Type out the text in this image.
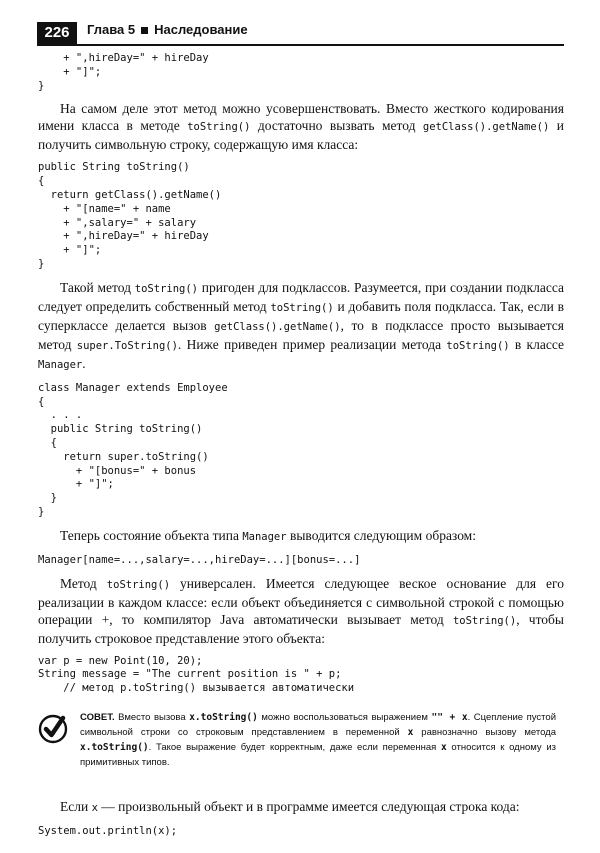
226	Глава 5 Наследование
+ ",hireDay=" + hireDay
+ "]";
}

На самом деле этот метод можно усовершенствовать. Вместо жесткого кодирования имени класса в методе toString() достаточно вызвать метод getClass().getName() и получить символьную строку, содержащую имя класса:

public String toString()
{
return getClass().getName()
+ "[name=" + name
+ ",salary=" + salary
+ ",hireDay=" + hireDay
+ "]";
}

Такой метод toString() пригоден для подклассов. Разумеется, при создании подкласса следует определить собственный метод toString() и добавить поля подкласса. Так, если в суперклассе делается вызов getClass().getName(), то в подклассе просто вызывается метод super.ToString(). Ниже приведен пример реализации метода toString() в классе Manager.

class Manager extends Employee
{
. . .
public String toString()
{
return super.toString()
+ "[bonus=" + bonus
+ "]";
}
}

Теперь состояние объекта типа Manager выводится следующим образом:

Manager[name=...,salary=...,hireDay=...][bonus=...]

Метод toString() универсален. Имеется следующее веское основание для его реализации в каждом классе: если объект объединяется с символьной строкой с помощью операции +, то компилятор Java автоматически вызывает метод toString(), чтобы получить строковое представление этого объекта:

var p = new Point(10, 20);
String message = "The current position is " + p;
// метод p.toString() вызывается автоматически
СОВЕТ. Вместо вызова x.toString() можно воспользоваться выражением "" + x. Сцепление пустой символьной строки со строковым представлением в переменной x равнозначно вызову метода x.toString(). Такое выражение будет корректным, даже если переменная x относится к одному из примитивных типов.

Если x — произвольный объект и в программе имеется следующая строка кода:

System.out.println(x);
